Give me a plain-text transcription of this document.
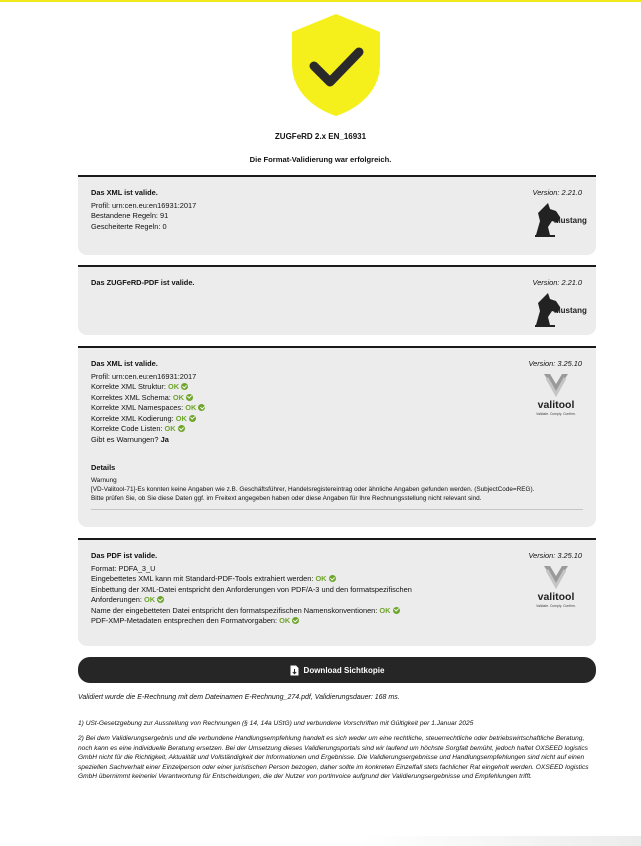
ZUGFeRD 2.x EN_16931
Die Format-Validierung war erfolgreich.
Das XML ist valide.
Profil: urn:cen.eu:en16931:2017
Bestandene Regeln: 91
Gescheiterte Regeln: 0
Version: 2.21.0
Mustang
Das ZUGFeRD-PDF ist valide.	Version: 2.21.0
Mustang
Das XML ist valide.
Profil: urn:cen.eu:en16931:2017
Korrekte XML Struktur: OK
Korrektes XML Schema: OK
Korrekte XML Namespaces: OK
Korrekte XML Kodierung: OK
Korrekte Code Listen: OK
Gibt es Warnungen? Ja
Details
Warnung
[VD-Valitool-71]-Es konnten keine Angaben wie z.B. Geschäftsführer, Handelsregistereintrag oder ähnliche Angaben gefunden werden. (SubjectCode=REG).
Bitte prüfen Sie, ob Sie diese Daten ggf. im Freitext angegeben haben oder diese Angaben für Ihre Rechnungsstellung nicht relevant sind.
Version: 3.25.10
valitool
Validate. Comply. Confirm.
Das PDF ist valide.
Format: PDFA_3_U
Eingebettetes XML kann mit Standard-PDF-Tools extrahiert werden: OK
Einbettung der XML-Datei entspricht den Anforderungen von PDF/A-3 und den formatspezifischen
Anforderungen: OK
Name der eingebetteten Datei entspricht den formatspezifischen Namenskonventionen: OK
PDF-XMP-Metadaten entsprechen den Formatvorgaben: OK
Version: 3.25.10
valitool
Validate. Comply. Confirm.
Download Sichtkopie
Validiert wurde die E-Rechnung mit dem Dateinamen E-Rechnung_274.pdf, Validierungsdauer: 168 ms.
1) USt-Gesetzgebung zur Ausstellung von Rechnungen (§ 14, 14a UStG) und verbundene Vorschriften mit Gültigkeit per 1.Januar 2025
2) Bei dem Validierungsergebnis und die verbundene Handlungsempfehlung handelt es sich weder um eine rechtliche, steuerrechtliche oder betriebswirtschaftliche Beratung, noch kann es eine individuelle Beratung ersetzen. Bei der Umsetzung dieses Validierungsportals sind wir laufend um höchste Sorgfalt bemüht, jedoch haftet OXSEED logistics GmbH nicht für die Richtigkeit, Aktualität und Vollständigkeit der Informationen und Ergebnisse. Die Validierungsergebnisse und Handlungsempfehlungen sind nicht auf einen speziellen Sachverhalt einer Einzelperson oder einer juristischen Person bezogen, daher sollte im konkreten Einzelfall stets fachlicher Rat eingeholt werden. OXSEED logistics GmbH übernimmt keinerlei Verantwortung für Entscheidungen, die der Nutzer von portinvoice aufgrund der Validierungsergebnisse und Empfehlungen trifft.
